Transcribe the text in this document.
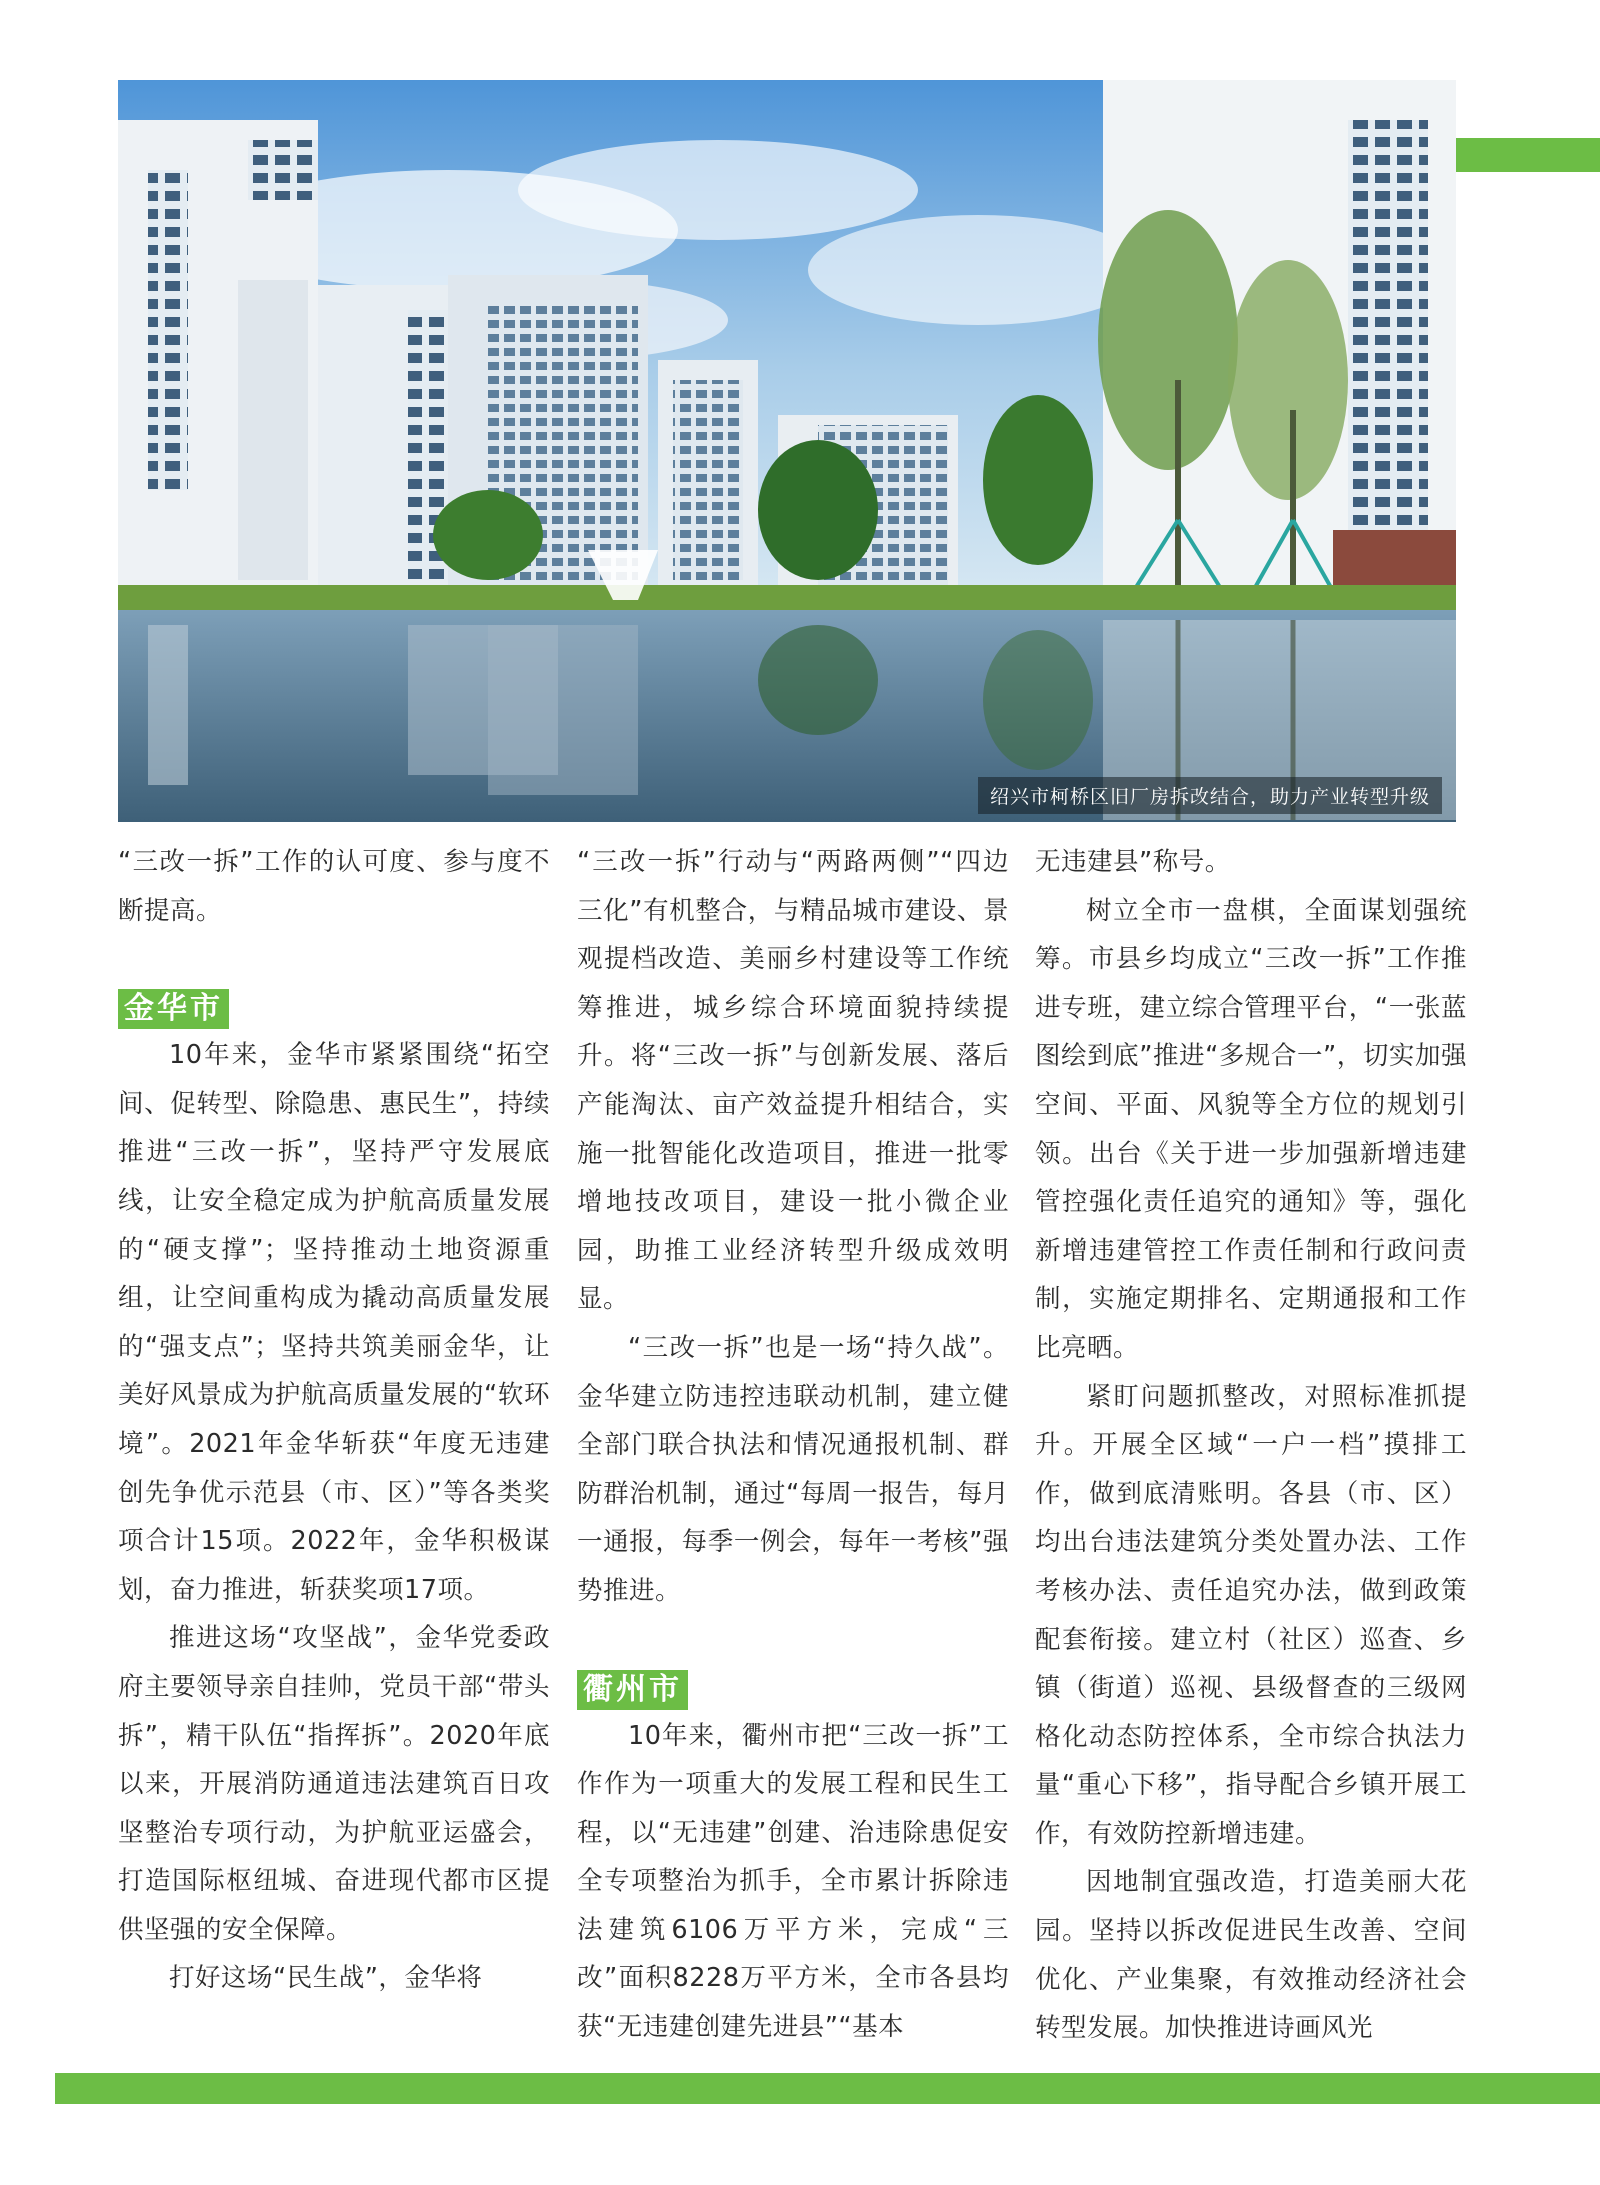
绍兴市柯桥区旧厂房拆改结合，助力产业转型升级

“三改一拆”工作的认可度、参与度不断提高。

金华市

10年来，金华市紧紧围绕“拓空间、促转型、除隐患、惠民生”，持续推进“三改一拆”，坚持严守发展底线，让安全稳定成为护航高质量发展的“硬支撑”；坚持推动土地资源重组，让空间重构成为撬动高质量发展的“强支点”；坚持共筑美丽金华，让美好风景成为护航高质量发展的“软环境”。2021年金华斩获“年度无违建创先争优示范县（市、区）”等各类奖项合计15项。2022年，金华积极谋划，奋力推进，斩获奖项17项。

推进这场“攻坚战”，金华党委政府主要领导亲自挂帅，党员干部“带头拆”，精干队伍“指挥拆”。2020年底以来，开展消防通道违法建筑百日攻坚整治专项行动，为护航亚运盛会，打造国际枢纽城、奋进现代都市区提供坚强的安全保障。

打好这场“民生战”，金华将

“三改一拆”行动与“两路两侧”“四边三化”有机整合，与精品城市建设、景观提档改造、美丽乡村建设等工作统筹推进，城乡综合环境面貌持续提升。将“三改一拆”与创新发展、落后产能淘汰、亩产效益提升相结合，实施一批智能化改造项目，推进一批零增地技改项目，建设一批小微企业园，助推工业经济转型升级成效明显。

“三改一拆”也是一场“持久战”。金华建立防违控违联动机制，建立健全部门联合执法和情况通报机制、群防群治机制，通过“每周一报告，每月一通报，每季一例会，每年一考核”强势推进。

衢州市

10年来，衢州市把“三改一拆”工作作为一项重大的发展工程和民生工程，以“无违建”创建、治违除患促安全专项整治为抓手，全市累计拆除违法建筑6106万平方米，完成“三改”面积8228万平方米，全市各县均获“无违建创建先进县”“基本

无违建县”称号。

树立全市一盘棋，全面谋划强统筹。市县乡均成立“三改一拆”工作推进专班，建立综合管理平台，“一张蓝图绘到底”推进“多规合一”，切实加强空间、平面、风貌等全方位的规划引领。出台《关于进一步加强新增违建管控强化责任追究的通知》等，强化新增违建管控工作责任制和行政问责制，实施定期排名、定期通报和工作比亮晒。

紧盯问题抓整改，对照标准抓提升。开展全区域“一户一档”摸排工作，做到底清账明。各县（市、区）均出台违法建筑分类处置办法、工作考核办法、责任追究办法，做到政策配套衔接。建立村（社区）巡查、乡镇（街道）巡视、县级督查的三级网格化动态防控体系，全市综合执法力量“重心下移”，指导配合乡镇开展工作，有效防控新增违建。

因地制宜强改造，打造美丽大花园。坚持以拆改促进民生改善、空间优化、产业集聚，有效推动经济社会转型发展。加快推进诗画风光
